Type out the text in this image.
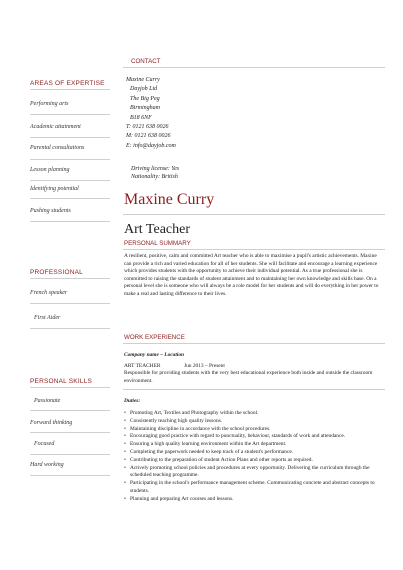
CONTACT
Maxine Curry
Dayjob Ltd
The Big Peg
Birmingham
B18 6NF
T: 0121 638 0026
M: 0121 638 0026
E: info@dayjob.com
Driving license: Yes
Nationality: British
AREAS OF EXPERTISE
Performing arts
Academic attainment
Parental consultations
Lesson planning
Identifying potential
Pushing students
PROFESSIONAL
French speaker
First Aider
PERSONAL SKILLS
Passionate
Forward thinking
Focused
Hard working
Maxine Curry
Art Teacher
PERSONAL SUMMARY
A resilient, positive, calm and committed Art teacher who is able to maximise a pupil's artistic achievements. Maxine can provide a rich and varied education for all of her students. She will facilitate and encourage a learning experience which provides students with the opportunity to achieve their individual potential. As a true professional she is committed to raising the standards of student attainment and to maintaining her own knowledge and skills base. On a personal level she is someone who will always be a role model for her students and will do everything in her power to make a real and lasting difference to their lives.
WORK EXPERIENCE
Company name – Location
ART TEACHER	Jun 2013 – Present
Responsible for providing students with the very best educational experience both inside and outside the classroom environment.
Duties:
• Promoting Art, Textiles and Photography within the school.
• Consistently teaching high quality lessons.
• Maintaining discipline in accordance with the school procedures.
• Encouraging good practice with regard to punctuality, behaviour, standards of work and attendance.
• Ensuring a high quality learning environment within the Art department.
• Completing the paperwork needed to keep track of a student's performance.
• Contributing to the preparation of student Action Plans and other reports as required.
• Actively promoting school policies and procedures at every opportunity. Delivering the curriculum through the scheduled teaching programme.
• Participating in the school's performance management scheme. Communicating concrete and abstract concepts to students.
• Planning and preparing Art courses and lessons.
